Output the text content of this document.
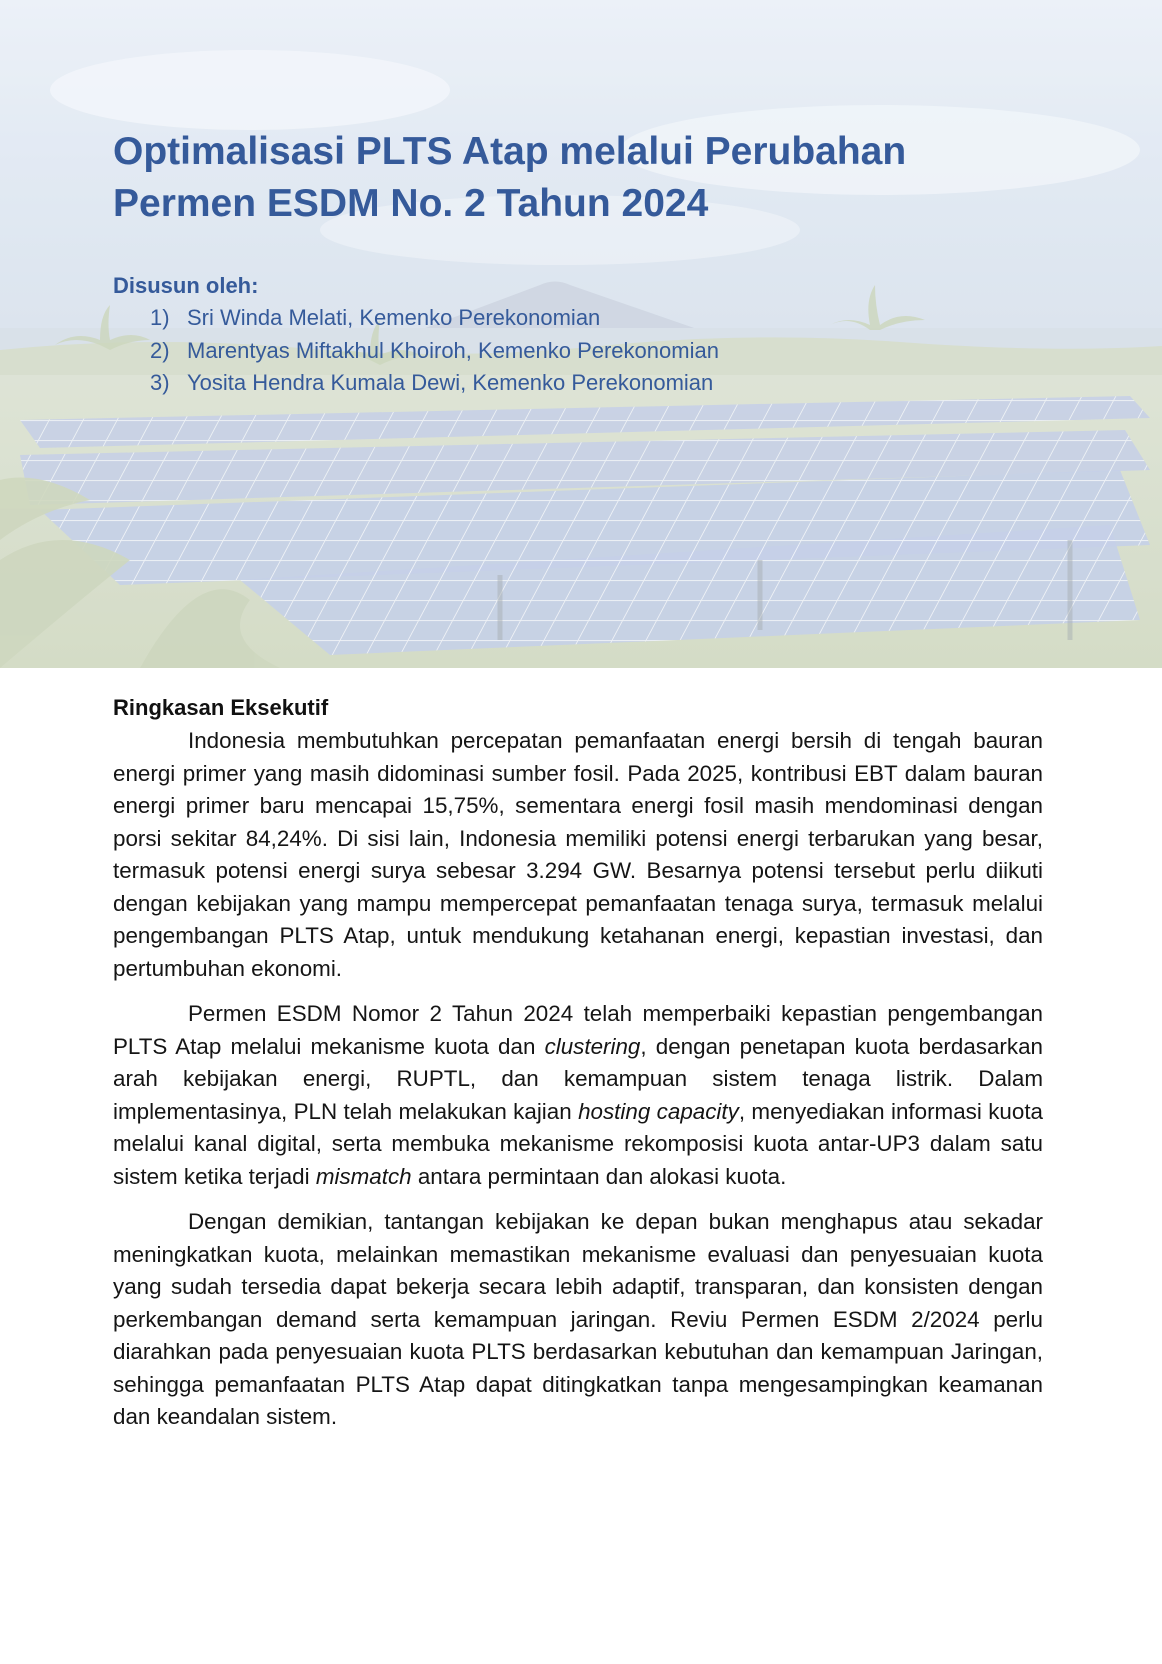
Optimalisasi PLTS Atap melalui Perubahan
Permen ESDM No. 2 Tahun 2024
Disusun oleh:
1) Sri Winda Melati, Kemenko Perekonomian
2) Marentyas Miftakhul Khoiroh, Kemenko Perekonomian
3) Yosita Hendra Kumala Dewi, Kemenko Perekonomian
Ringkasan Eksekutif

Indonesia membutuhkan percepatan pemanfaatan energi bersih di tengah bauran energi primer yang masih didominasi sumber fosil. Pada 2025, kontribusi EBT dalam bauran energi primer baru mencapai 15,75%, sementara energi fosil masih mendominasi dengan porsi sekitar 84,24%. Di sisi lain, Indonesia memiliki potensi energi terbarukan yang besar, termasuk potensi energi surya sebesar 3.294 GW. Besarnya potensi tersebut perlu diikuti dengan kebijakan yang mampu mempercepat pemanfaatan tenaga surya, termasuk melalui pengembangan PLTS Atap, untuk mendukung ketahanan energi, kepastian investasi, dan pertumbuhan ekonomi.

Permen ESDM Nomor 2 Tahun 2024 telah memperbaiki kepastian pengembangan PLTS Atap melalui mekanisme kuota dan clustering, dengan penetapan kuota berdasarkan arah kebijakan energi, RUPTL, dan kemampuan sistem tenaga listrik. Dalam implementasinya, PLN telah melakukan kajian hosting capacity, menyediakan informasi kuota melalui kanal digital, serta membuka mekanisme rekomposisi kuota antar-UP3 dalam satu sistem ketika terjadi mismatch antara permintaan dan alokasi kuota.

Dengan demikian, tantangan kebijakan ke depan bukan menghapus atau sekadar meningkatkan kuota, melainkan memastikan mekanisme evaluasi dan penyesuaian kuota yang sudah tersedia dapat bekerja secara lebih adaptif, transparan, dan konsisten dengan perkembangan demand serta kemampuan jaringan. Reviu Permen ESDM 2/2024 perlu diarahkan pada penyesuaian kuota PLTS berdasarkan kebutuhan dan kemampuan Jaringan, sehingga pemanfaatan PLTS Atap dapat ditingkatkan tanpa mengesampingkan keamanan dan keandalan sistem.
